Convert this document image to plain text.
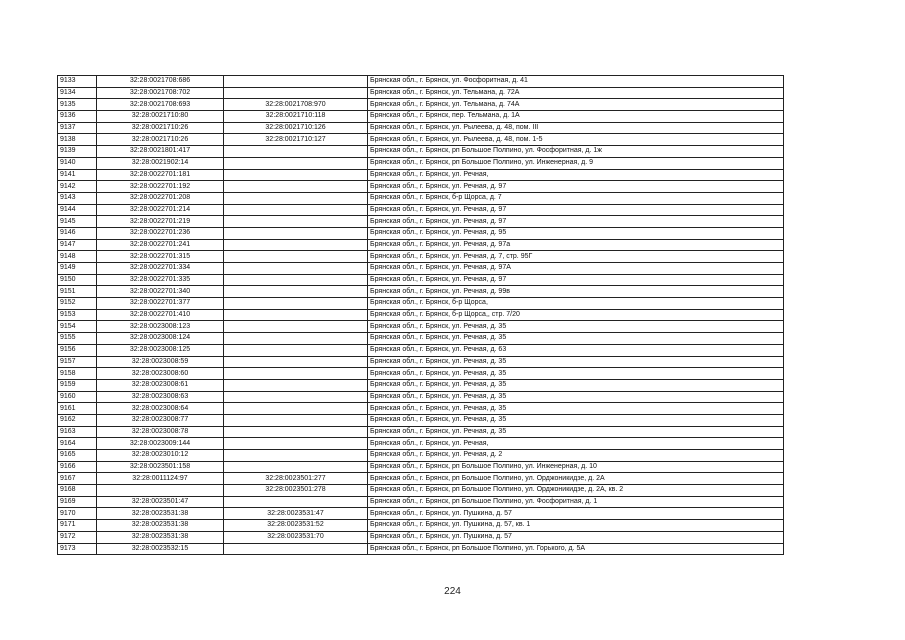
9133	32:28:0021708:686		Брянская обл., г. Брянск, ул. Фосфоритная, д. 41
9134	32:28:0021708:702		Брянская обл., г. Брянск, ул. Тельмана, д. 72А
9135	32:28:0021708:693	32:28:0021708:970	Брянская обл., г. Брянск, ул. Тельмана, д. 74А
9136	32:28:0021710:80	32:28:0021710:118	Брянская обл., г. Брянск, пер. Тельмана, д. 1А
9137	32:28:0021710:26	32:28:0021710:126	Брянская обл., г. Брянск, ул. Рылеева, д. 48, пом. III
9138	32:28:0021710:26	32:28:0021710:127	Брянская обл., г. Брянск, ул. Рылеева, д. 48, пом. 1-5
9139	32:28:0021801:417		Брянская обл., г. Брянск, рп Большое Полпино, ул. Фосфоритная, д. 1ж
9140	32:28:0021902:14		Брянская обл., г. Брянск, рп Большое Полпино, ул. Инженерная, д. 9
9141	32:28:0022701:181		Брянская обл., г. Брянск, ул. Речная,
9142	32:28:0022701:192		Брянская обл., г. Брянск, ул. Речная, д. 97
9143	32:28:0022701:208		Брянская обл., г. Брянск, б-р Щорса, д. 7
9144	32:28:0022701:214		Брянская обл., г. Брянск, ул. Речная, д. 97
9145	32:28:0022701:219		Брянская обл., г. Брянск, ул. Речная, д. 97
9146	32:28:0022701:236		Брянская обл., г. Брянск, ул. Речная, д. 95
9147	32:28:0022701:241		Брянская обл., г. Брянск, ул. Речная, д. 97а
9148	32:28:0022701:315		Брянская обл., г. Брянск, ул. Речная, д. 7, стр. 95Г
9149	32:28:0022701:334		Брянская обл., г. Брянск, ул. Речная, д. 97А
9150	32:28:0022701:335		Брянская обл., г. Брянск, ул. Речная, д. 97
9151	32:28:0022701:340		Брянская обл., г. Брянск, ул. Речная, д. 99в
9152	32:28:0022701:377		Брянская обл., г. Брянск, б-р Щорса,
9153	32:28:0022701:410		Брянская обл., г. Брянск, б-р Щорса,, стр. 7/20
9154	32:28:0023008:123		Брянская обл., г. Брянск, ул. Речная, д. 35
9155	32:28:0023008:124		Брянская обл., г. Брянск, ул. Речная, д. 35
9156	32:28:0023008:125		Брянская обл., г. Брянск, ул. Речная, д. 63
9157	32:28:0023008:59		Брянская обл., г. Брянск, ул. Речная, д. 35
9158	32:28:0023008:60		Брянская обл., г. Брянск, ул. Речная, д. 35
9159	32:28:0023008:61		Брянская обл., г. Брянск, ул. Речная, д. 35
9160	32:28:0023008:63		Брянская обл., г. Брянск, ул. Речная, д. 35
9161	32:28:0023008:64		Брянская обл., г. Брянск, ул. Речная, д. 35
9162	32:28:0023008:77		Брянская обл., г. Брянск, ул. Речная, д. 35
9163	32:28:0023008:78		Брянская обл., г. Брянск, ул. Речная, д. 35
9164	32:28:0023009:144		Брянская обл., г. Брянск, ул. Речная,
9165	32:28:0023010:12		Брянская обл., г. Брянск, ул. Речная, д. 2
9166	32:28:0023501:158		Брянская обл., г. Брянск, рп Большое Полпино, ул. Инженерная, д. 10
9167	32:28:0011124:97	32:28:0023501:277	Брянская обл., г. Брянск, рп Большое Полпино, ул. Орджоникидзе, д. 2А
9168		32:28:0023501:278	Брянская обл., г. Брянск, рп Большое Полпино, ул. Орджоникидзе, д. 2А, кв. 2
9169	32:28:0023501:47		Брянская обл., г. Брянск, рп Большое Полпино, ул. Фосфоритная, д. 1
9170	32:28:0023531:38	32:28:0023531:47	Брянская обл., г. Брянск, ул. Пушкина, д. 57
9171	32:28:0023531:38	32:28:0023531:52	Брянская обл., г. Брянск, ул. Пушкина, д. 57, кв. 1
9172	32:28:0023531:38	32:28:0023531:70	Брянская обл., г. Брянск, ул. Пушкина, д. 57
9173	32:28:0023532:15		Брянская обл., г. Брянск, рп Большое Полпино, ул. Горького, д. 5А
224
